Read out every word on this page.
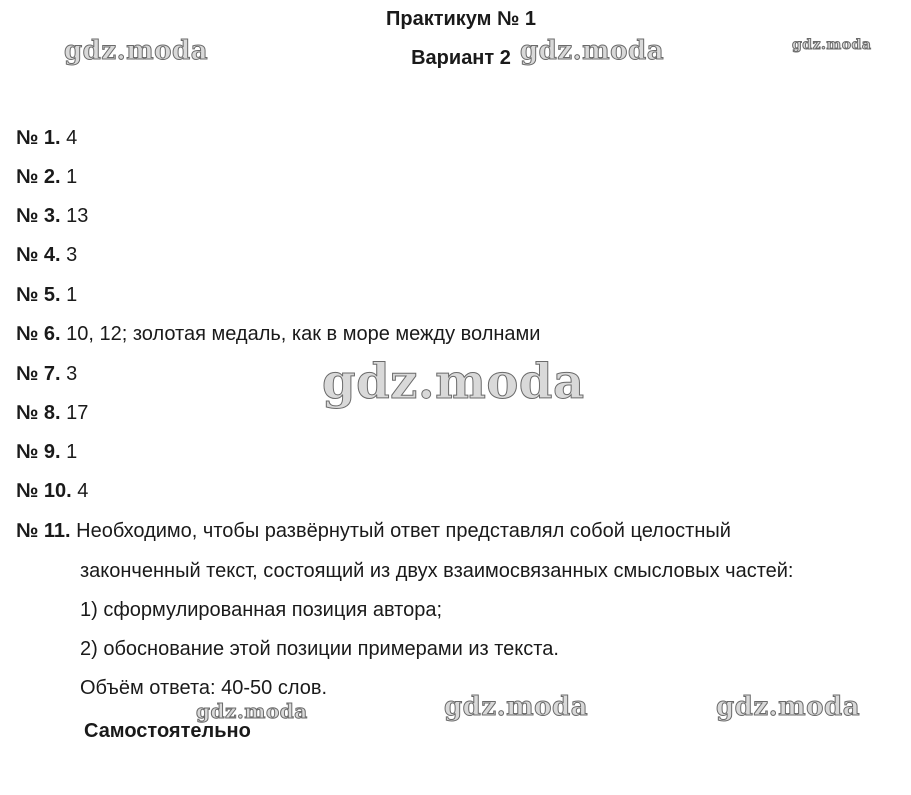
Практикум № 1
Вариант 2
№ 1. 4
№ 2. 1
№ 3. 13
№ 4. 3
№ 5. 1
№ 6. 10, 12; золотая медаль, как в море между волнами
№ 7. 3
№ 8. 17
№ 9. 1
№ 10. 4
№ 11. Необходимо, чтобы развёрнутый ответ представлял собой целостный
законченный текст, состоящий из двух взаимосвязанных смысловых частей:
1) сформулированная позиция автора;
2) обоснование этой позиции примерами из текста.
Объём ответа: 40-50 слов.
Самостоятельно
gdz.moda	gdz.moda	gdz.moda
gdz.moda
gdz.moda	gdz.moda	gdz.moda
